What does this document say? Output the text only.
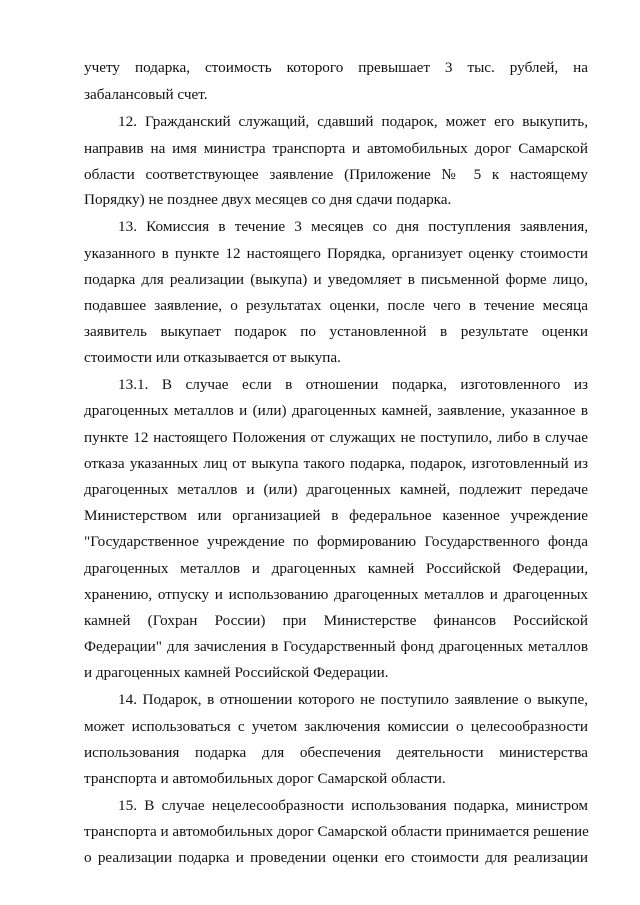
учету подарка, стоимость которого превышает 3 тыс. рублей, на
забалансовый счет.
12. Гражданский служащий, сдавший подарок, может его выкупить,
направив на имя министра транспорта и автомобильных дорог Самарской
области соответствующее заявление (Приложение № 5 к настоящему
Порядку) не позднее двух месяцев со дня сдачи подарка.
13. Комиссия в течение 3 месяцев со дня поступления заявления,
указанного в пункте 12 настоящего Порядка, организует оценку стоимости
подарка для реализации (выкупа) и уведомляет в письменной форме лицо,
подавшее заявление, о результатах оценки, после чего в течение месяца
заявитель выкупает подарок по установленной в результате оценки
стоимости или отказывается от выкупа.
13.1. В случае если в отношении подарка, изготовленного из
драгоценных металлов и (или) драгоценных камней, заявление, указанное в
пункте 12 настоящего Положения от служащих не поступило, либо в случае
отказа указанных лиц от выкупа такого подарка, подарок, изготовленный из
драгоценных металлов и (или) драгоценных камней, подлежит передаче
Министерством или организацией в федеральное казенное учреждение
"Государственное учреждение по формированию Государственного фонда
драгоценных металлов и драгоценных камней Российской Федерации,
хранению, отпуску и использованию драгоценных металлов и драгоценных
камней (Гохран России) при Министерстве финансов Российской
Федерации" для зачисления в Государственный фонд драгоценных металлов
и драгоценных камней Российской Федерации.
14. Подарок, в отношении которого не поступило заявление о выкупе,
может использоваться с учетом заключения комиссии о целесообразности
использования подарка для обеспечения деятельности министерства
транспорта и автомобильных дорог Самарской области.
15. В случае нецелесообразности использования подарка, министром
транспорта и автомобильных дорог Самарской области принимается решение
о реализации подарка и проведении оценки его стоимости для реализации
